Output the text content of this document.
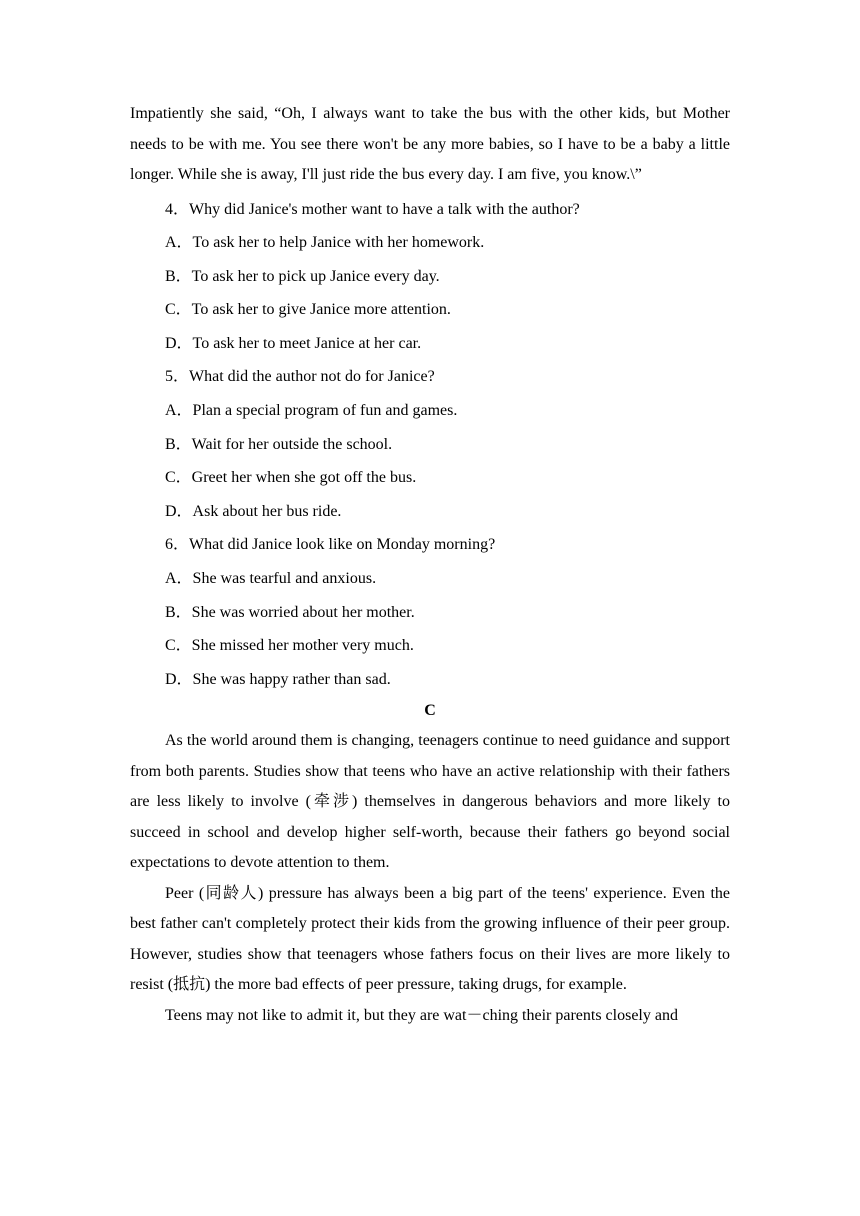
Impatiently she said, “Oh, I always want to take the bus with the other kids, but Mother needs to be with me. You see there won't be any more babies, so I have to be a baby a little longer. While she is away, I'll just ride the bus every day. I am five, you know.\”

4．Why did Janice's mother want to have a talk with the author?

A．To ask her to help Janice with her homework.

B．To ask her to pick up Janice every day.

C．To ask her to give Janice more attention.

D．To ask her to meet Janice at her car.

5．What did the author not do for Janice?

A．Plan a special program of fun and games.

B．Wait for her outside the school.

C．Greet her when she got off the bus.

D．Ask about her bus ride.

6．What did Janice look like on Monday morning?

A．She was tearful and anxious.

B．She was worried about her mother.

C．She missed her mother very much.

D．She was happy rather than sad.

C

As the world around them is changing, teenagers continue to need guidance and support from both parents. Studies show that teens who have an active relationship with their fathers are less likely to involve (牵涉) themselves in dangerous behaviors and more likely to succeed in school and develop higher self-worth, because their fathers go beyond social expectations to devote attention to them.

Peer (同龄人) pressure has always been a big part of the teens' experience. Even the best father can't completely protect their kids from the growing influence of their peer group. However, studies show that teenagers whose fathers focus on their lives are more likely to resist (抵抗) the more bad effects of peer pressure, taking drugs, for example.

Teens may not like to admit it, but they are wat－ching their parents closely and
